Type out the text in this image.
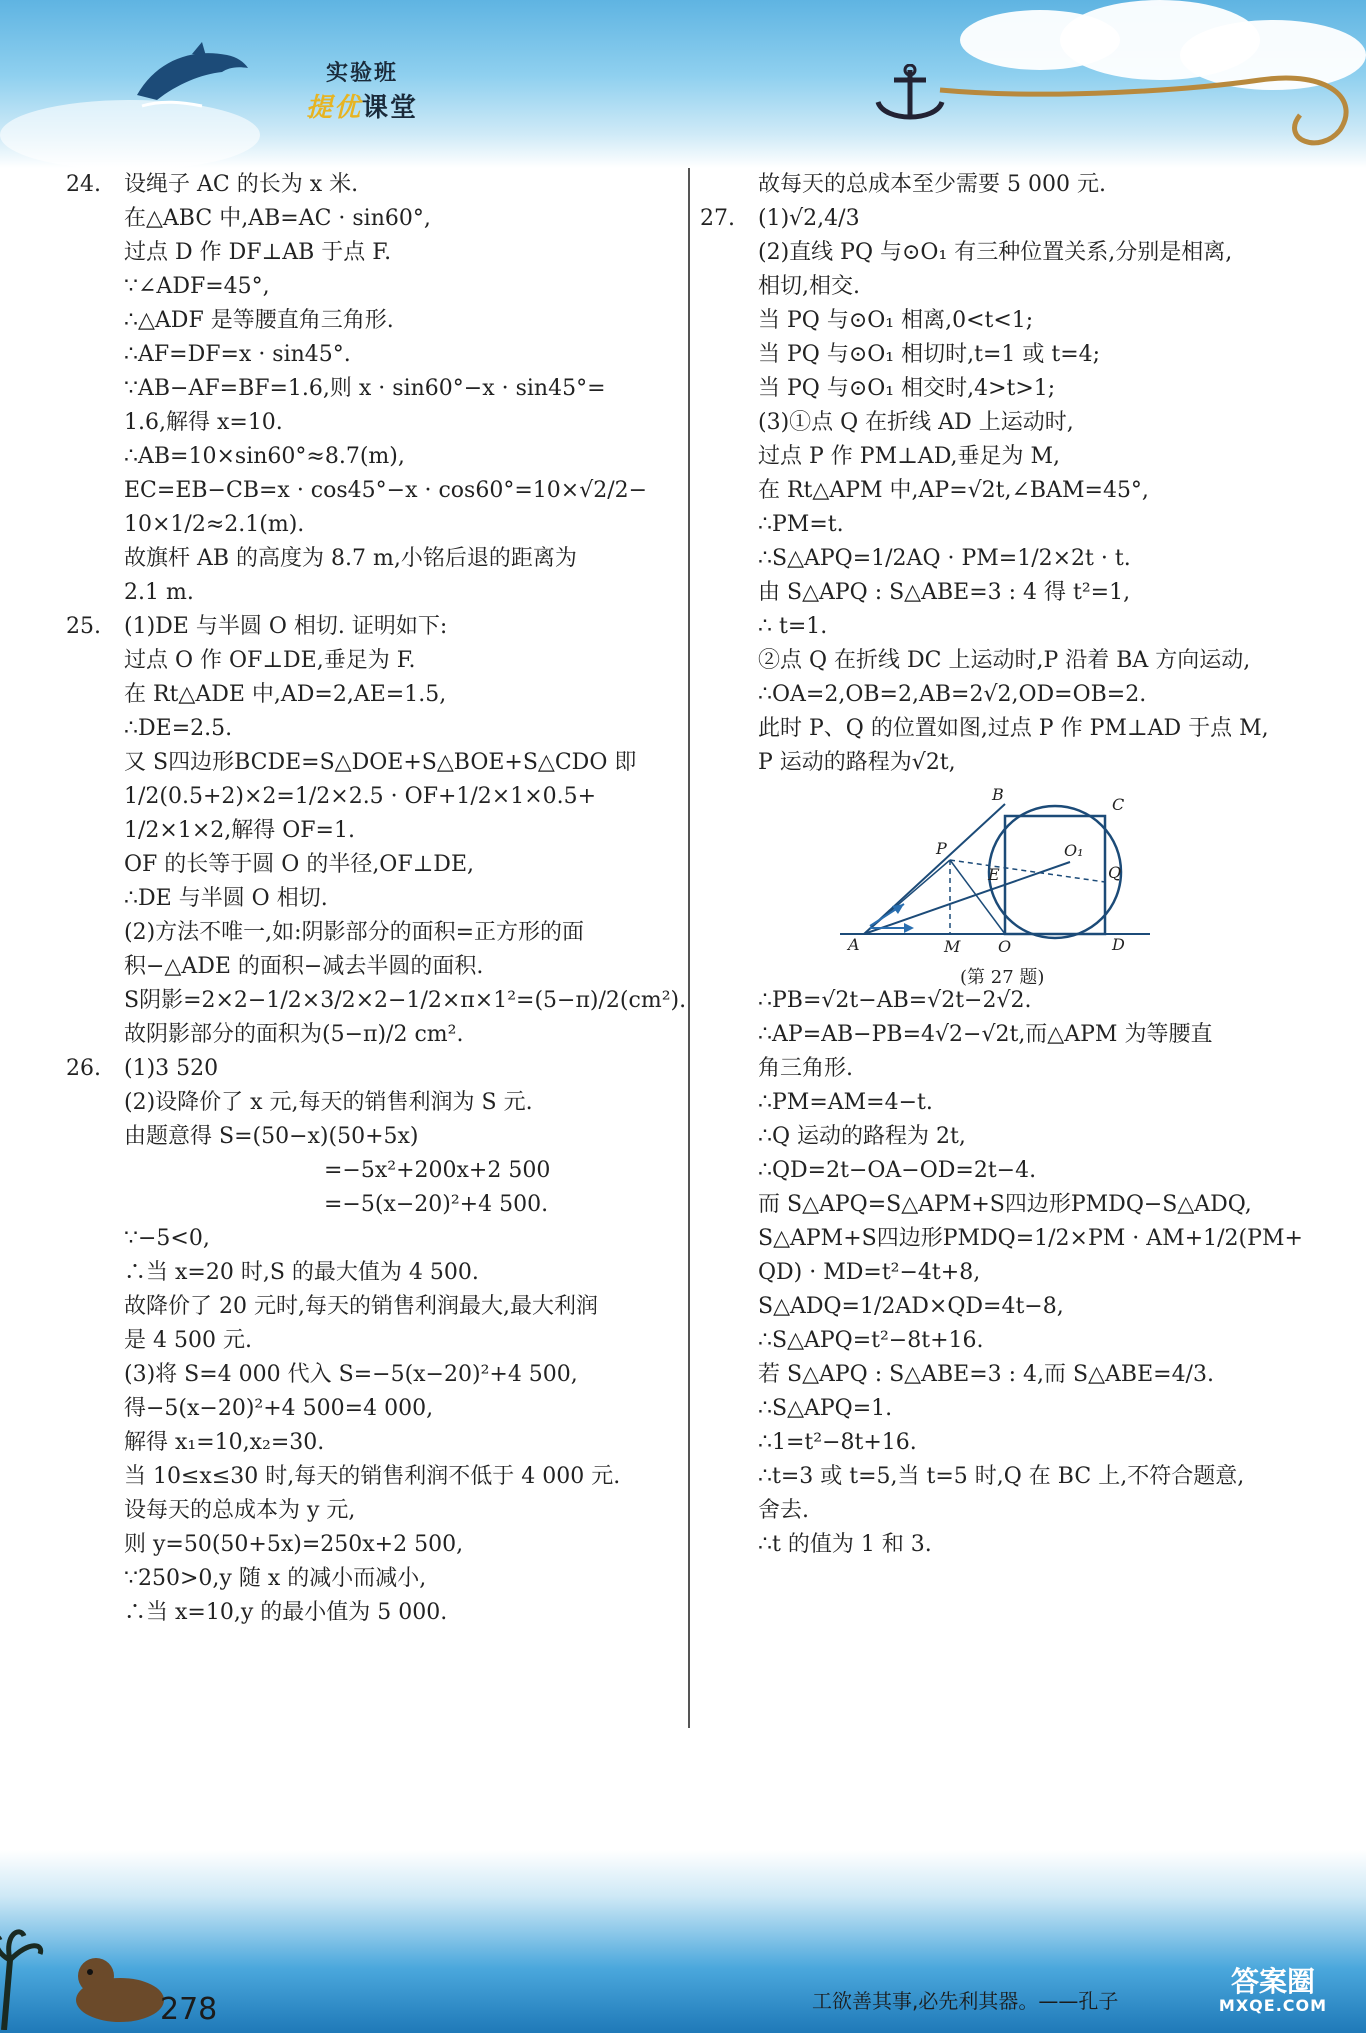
实验班
提优课堂
24. 设绳子 AC 的长为 x 米.
在△ABC 中,AB=AC · sin60°,
过点 D 作 DF⊥AB 于点 F.
∵∠ADF=45°,
∴△ADF 是等腰直角三角形.
∴AF=DF=x · sin45°.
∵AB−AF=BF=1.6,则 x · sin60°−x · sin45°=
1.6,解得 x=10.
∴AB=10×sin60°≈8.7(m),
EC=EB−CB=x · cos45°−x · cos60°=10×√2/2−
10×1/2≈2.1(m).
故旗杆 AB 的高度为 8.7 m,小铭后退的距离为
2.1 m.
25. (1)DE 与半圆 O 相切. 证明如下:
过点 O 作 OF⊥DE,垂足为 F.
在 Rt△ADE 中,AD=2,AE=1.5,
∴DE=2.5.
又 S四边形BCDE=S△DOE+S△BOE+S△CDO 即
1/2(0.5+2)×2=1/2×2.5 · OF+1/2×1×0.5+
1/2×1×2,解得 OF=1.
OF 的长等于圆 O 的半径,OF⊥DE,
∴DE 与半圆 O 相切.
(2)方法不唯一,如:阴影部分的面积=正方形的面
积−△ADE 的面积−减去半圆的面积.
S阴影=2×2−1/2×3/2×2−1/2×π×1²=(5−π)/2(cm²).
故阴影部分的面积为(5−π)/2 cm².
26. (1)3 520
(2)设降价了 x 元,每天的销售利润为 S 元.
由题意得 S=(50−x)(50+5x)
=−5x²+200x+2 500
=−5(x−20)²+4 500.
∵−5<0,
∴当 x=20 时,S 的最大值为 4 500.
故降价了 20 元时,每天的销售利润最大,最大利润
是 4 500 元.
(3)将 S=4 000 代入 S=−5(x−20)²+4 500,
得−5(x−20)²+4 500=4 000,
解得 x₁=10,x₂=30.
当 10≤x≤30 时,每天的销售利润不低于 4 000 元.
设每天的总成本为 y 元,
则 y=50(50+5x)=250x+2 500,
∵250>0,y 随 x 的减小而减小,
∴当 x=10,y 的最小值为 5 000.
故每天的总成本至少需要 5 000 元.
27. (1)√2,4/3
(2)直线 PQ 与⊙O₁ 有三种位置关系,分别是相离,
相切,相交.
当 PQ 与⊙O₁ 相离,0<t<1;
当 PQ 与⊙O₁ 相切时,t=1 或 t=4;
当 PQ 与⊙O₁ 相交时,4>t>1;
(3)①点 Q 在折线 AD 上运动时,
过点 P 作 PM⊥AD,垂足为 M,
在 Rt△APM 中,AP=√2t,∠BAM=45°,
∴PM=t.
∴S△APQ=1/2AQ · PM=1/2×2t · t.
由 S△APQ : S△ABE=3 : 4 得 t²=1,
∴ t=1.
②点 Q 在折线 DC 上运动时,P 沿着 BA 方向运动,
∴OA=2,OB=2,AB=2√2,OD=OB=2.
此时 P、Q 的位置如图,过点 P 作 PM⊥AD 于点 M,
P 运动的路程为√2t,
A
B
C
D
E
M O
O₁
P
Q
(第 27 题)
∴PB=√2t−AB=√2t−2√2.
∴AP=AB−PB=4√2−√2t,而△APM 为等腰直
角三角形.
∴PM=AM=4−t.
∴Q 运动的路程为 2t,
∴QD=2t−OA−OD=2t−4.
而 S△APQ=S△APM+S四边形PMDQ−S△ADQ,
S△APM+S四边形PMDQ=1/2×PM · AM+1/2(PM+
QD) · MD=t²−4t+8,
S△ADQ=1/2AD×QD=4t−8,
∴S△APQ=t²−8t+16.
若 S△APQ : S△ABE=3 : 4,而 S△ABE=4/3.
∴S△APQ=1.
∴1=t²−8t+16.
∴t=3 或 t=5,当 t=5 时,Q 在 BC 上,不符合题意,
舍去.
∴t 的值为 1 和 3.
278	工欲善其事,必先利其器。——孔子
答案圈
MXQE.COM
